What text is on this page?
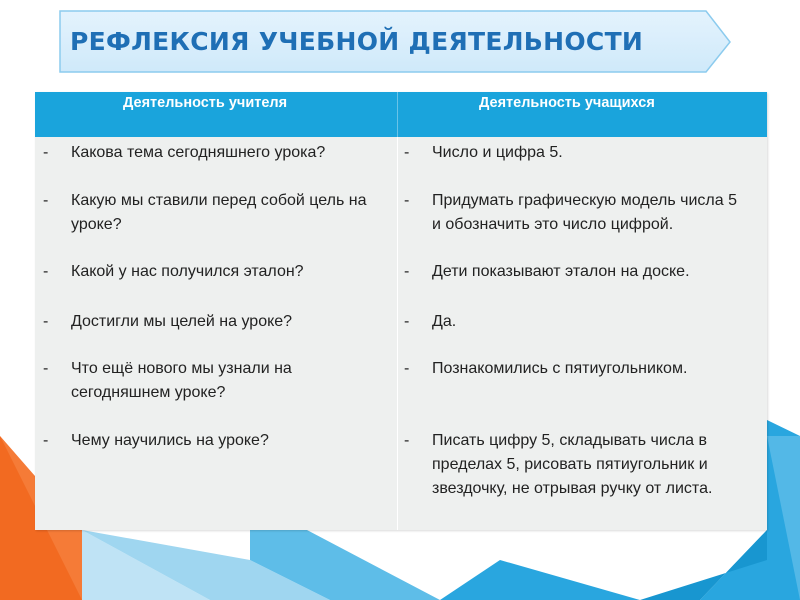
РЕФЛЕКСИЯ УЧЕБНОЙ ДЕЯТЕЛЬНОСТИ
Деятельность учителя	Деятельность учащихся
- Какова тема сегодняшнего урока?
- Какую мы ставили перед собой цель на уроке?
- Какой у нас получился эталон?
- Достигли мы целей на уроке?
- Что ещё нового мы узнали на сегодняшнем уроке?
- Чему научились на уроке?
- Число и цифра 5.
- Придумать графическую модель числа 5 и обозначить это число цифрой.
- Дети показывают эталон на доске.
- Да.
- Познакомились с пятиугольником.
- Писать цифру 5, складывать числа в пределах 5, рисовать пятиугольник и звездочку, не отрывая ручку от листа.
